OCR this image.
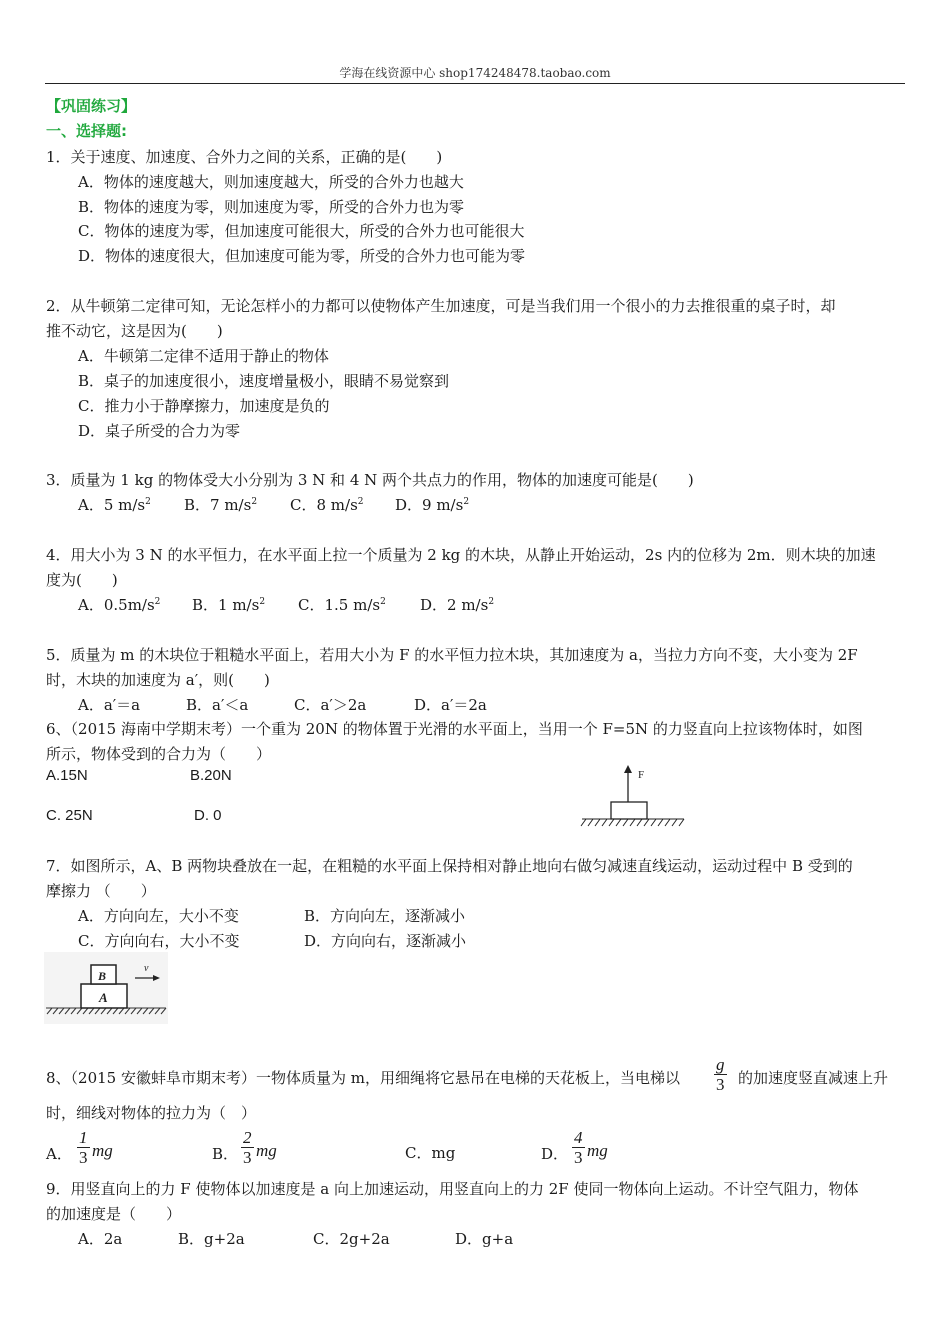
学海在线资源中心 shop174248478.taobao.com
【巩固练习】
一、选择题:
1．关于速度、加速度、合外力之间的关系，正确的是(　　)
A．物体的速度越大，则加速度越大，所受的合外力也越大
B．物体的速度为零，则加速度为零，所受的合外力也为零
C．物体的速度为零，但加速度可能很大，所受的合外力也可能很大
D．物体的速度很大，但加速度可能为零，所受的合外力也可能为零
2．从牛顿第二定律可知，无论怎样小的力都可以使物体产生加速度，可是当我们用一个很小的力去推很重的桌子时，却
推不动它，这是因为(　　)
A．牛顿第二定律不适用于静止的物体
B．桌子的加速度很小，速度增量极小，眼睛不易觉察到
C．推力小于静摩擦力，加速度是负的
D．桌子所受的合力为零
3．质量为 1 kg 的物体受大小分别为 3 N 和 4 N 两个共点力的作用，物体的加速度可能是(　　)
A．5 $m/s^2$ B．7 $m/s^2$ C．8 $m/s^2$ D．9 $m/s^2$
4．用大小为 3 N 的水平恒力，在水平面上拉一个质量为 2 kg 的木块，从静止开始运动，2s 内的位移为 2m．则木块的加速
度为(　　)
A．$0.5m/s^2$ B．1 $m/s^2$ C．1.5 $m/s^2$ D．2 $m/s^2$
5．质量为 m 的木块位于粗糙水平面上，若用大小为 F 的水平恒力拉木块，其加速度为 a，当拉力方向不变，大小变为 2F
时，木块的加速度为 a′，则(　　)
A．a′＝a	B．a′＜a	C．a′＞2a	D．a′＝2a
6、（2015 海南中学期末考）一个重为 20N 的物体置于光滑的水平面上，当用一个 F=5N 的力竖直向上拉该物体时，如图
所示，物体受到的合力为（　　）
A.15N	B.20N
C. 25N	D. 0
F
7．如图所示，A、B 两物块叠放在一起，在粗糙的水平面上保持相对静止地向右做匀减速直线运动，运动过程中 B 受到的
摩擦力 （　　）
A．方向向左，大小不变	B．方向向左，逐渐减小
C．方向向右，大小不变	D．方向向右，逐渐减小
A
B
v
8、（2015 安徽蚌阜市期末考）一物体质量为 m，用细绳将它悬吊在电梯的天花板上，当电梯以 $\frac{g}{3}$ 的加速度竖直减速上升
时，细线对物体的拉力为（　）
A．
1
3 mg	B．
2
3 mg	C．mg	D．
4
3 mg
9．用竖直向上的力 F 使物体以加速度是 a 向上加速运动，用竖直向上的力 2F 使同一物体向上运动。不计空气阻力，物体
的加速度是（　　）
A．2a	B．g+2a	C．2g+2a	D．g+a
